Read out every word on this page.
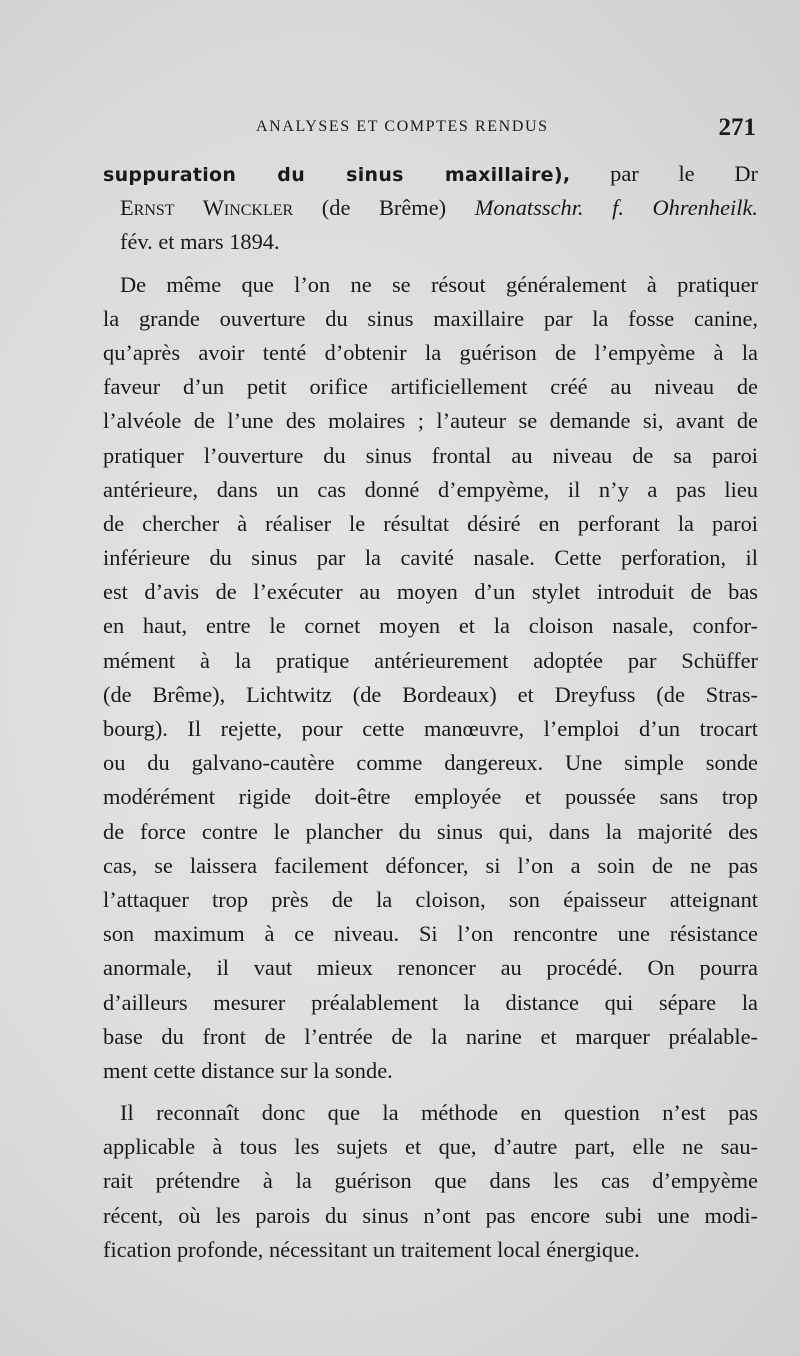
ANALYSES ET COMPTES RENDUS	271
suppuration du sinus maxillaire), par le Dr
Ernst Winckler (de Brême) Monatsschr. f. Ohrenheilk.
fév. et mars 1894.
De même que l’on ne se résout généralement à pratiquer
la grande ouverture du sinus maxillaire par la fosse canine,
qu’après avoir tenté d’obtenir la guérison de l’empyème à la
faveur d’un petit orifice artificiellement créé au niveau de
l’alvéole de l’une des molaires ; l’auteur se demande si, avant de
pratiquer l’ouverture du sinus frontal au niveau de sa paroi
antérieure, dans un cas donné d’empyème, il n’y a pas lieu
de chercher à réaliser le résultat désiré en perforant la paroi
inférieure du sinus par la cavité nasale. Cette perforation, il
est d’avis de l’exécuter au moyen d’un stylet introduit de bas
en haut, entre le cornet moyen et la cloison nasale, confor-
mément à la pratique antérieurement adoptée par Schüffer
(de Brême), Lichtwitz (de Bordeaux) et Dreyfuss (de Stras-
bourg). Il rejette, pour cette manœuvre, l’emploi d’un trocart
ou du galvano-cautère comme dangereux. Une simple sonde
modérément rigide doit-être employée et poussée sans trop
de force contre le plancher du sinus qui, dans la majorité des
cas, se laissera facilement défoncer, si l’on a soin de ne pas
l’attaquer trop près de la cloison, son épaisseur atteignant
son maximum à ce niveau. Si l’on rencontre une résistance
anormale, il vaut mieux renoncer au procédé. On pourra
d’ailleurs mesurer préalablement la distance qui sépare la
base du front de l’entrée de la narine et marquer préalable-
ment cette distance sur la sonde.
Il reconnaît donc que la méthode en question n’est pas
applicable à tous les sujets et que, d’autre part, elle ne sau-
rait prétendre à la guérison que dans les cas d’empyème
récent, où les parois du sinus n’ont pas encore subi une modi-
fication profonde, nécessitant un traitement local énergique.
